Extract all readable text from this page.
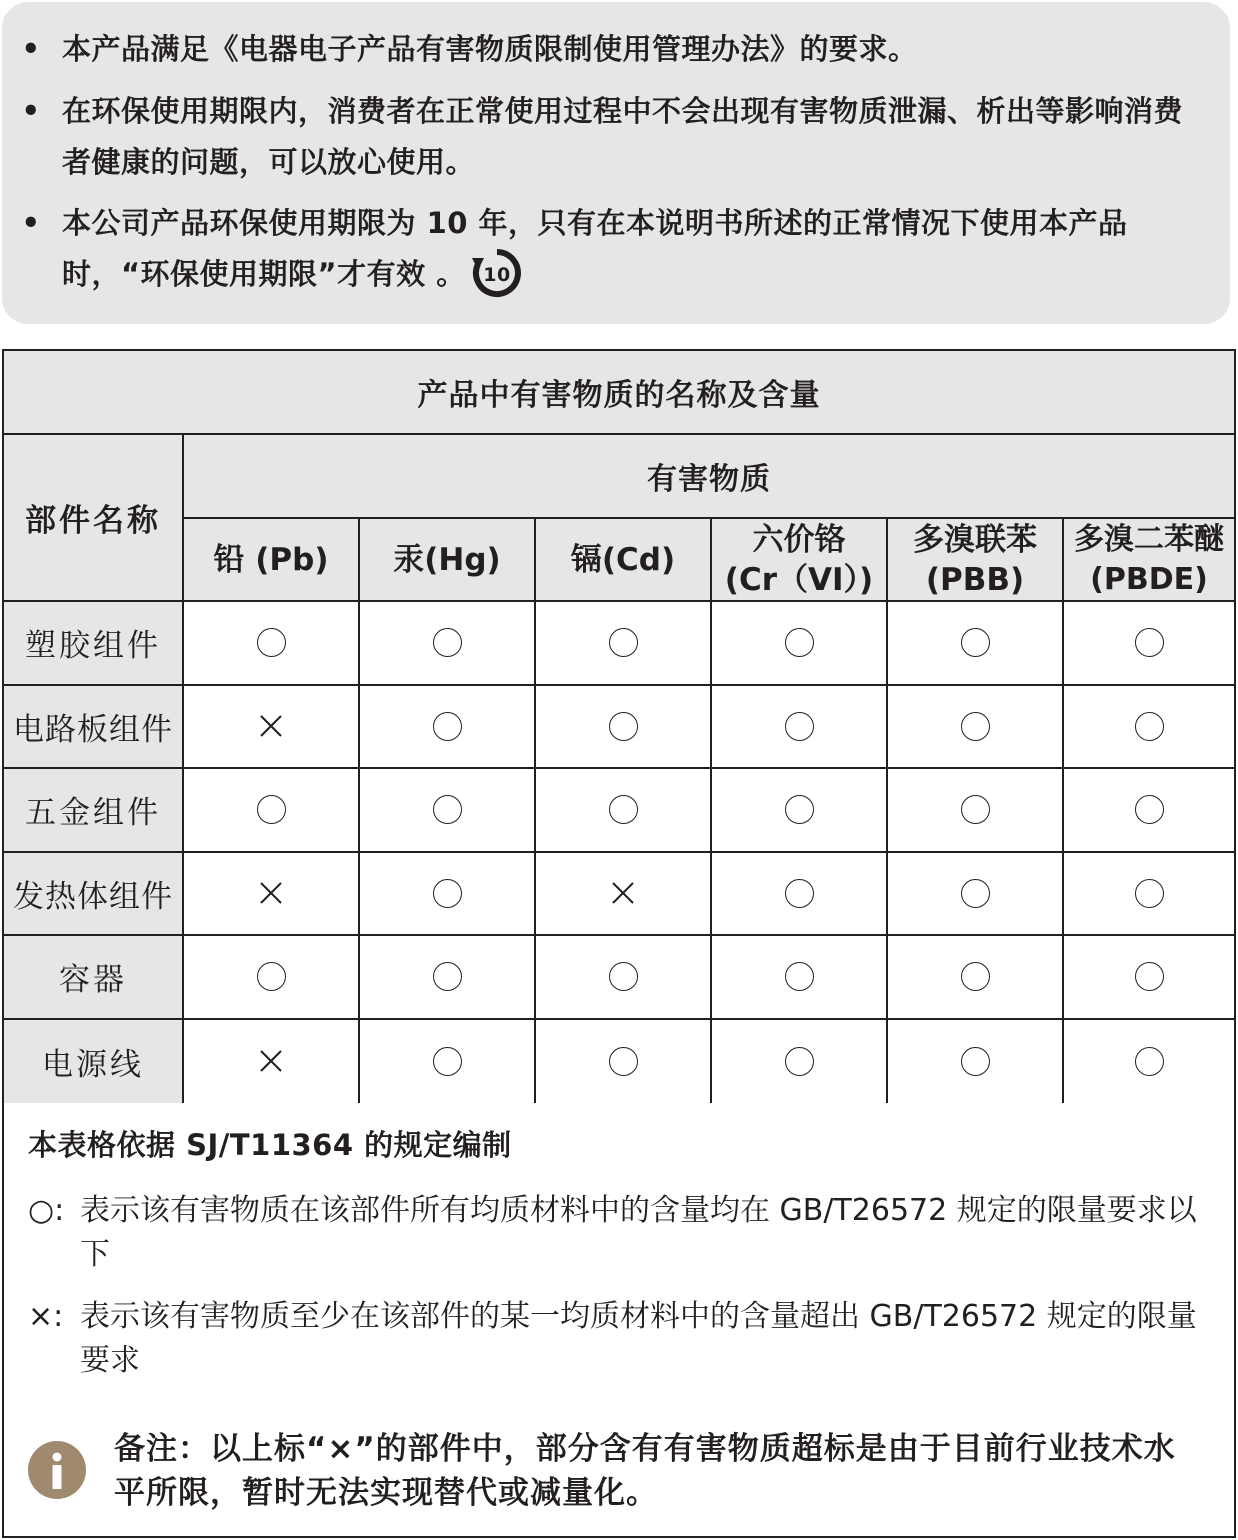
• 本产品满足《电器电子产品有害物质限制使用管理办法》的要求。
• 在环保使用期限内，消费者在正常使用过程中不会出现有害物质泄漏、析出等影响消费者健康的问题，可以放心使用。
• 本公司产品环保使用期限为 10 年，只有在本说明书所述的正常情况下使用本产品时，“环保使用期限”才有效 。 10
产品中有害物质的名称及含量
部件名称
有害物质
铅 (Pb) 汞(Hg) 镉(Cd)
六价铬
(Cr（VI）)
多溴联苯
(PBB)
多溴二苯醚
(PBDE)
塑胶组件
电路板组件
五金组件
发热体组件
容器
电源线
本表格依据 SJ/T11364 的规定编制
○: 表示该有害物质在该部件所有均质材料中的含量均在 GB/T26572 规定的限量要求以下
×: 表示该有害物质至少在该部件的某一均质材料中的含量超出 GB/T26572 规定的限量要求
备注：以上标“×”的部件中，部分含有有害物质超标是由于目前行业技术水平所限，暂时无法实现替代或减量化。
